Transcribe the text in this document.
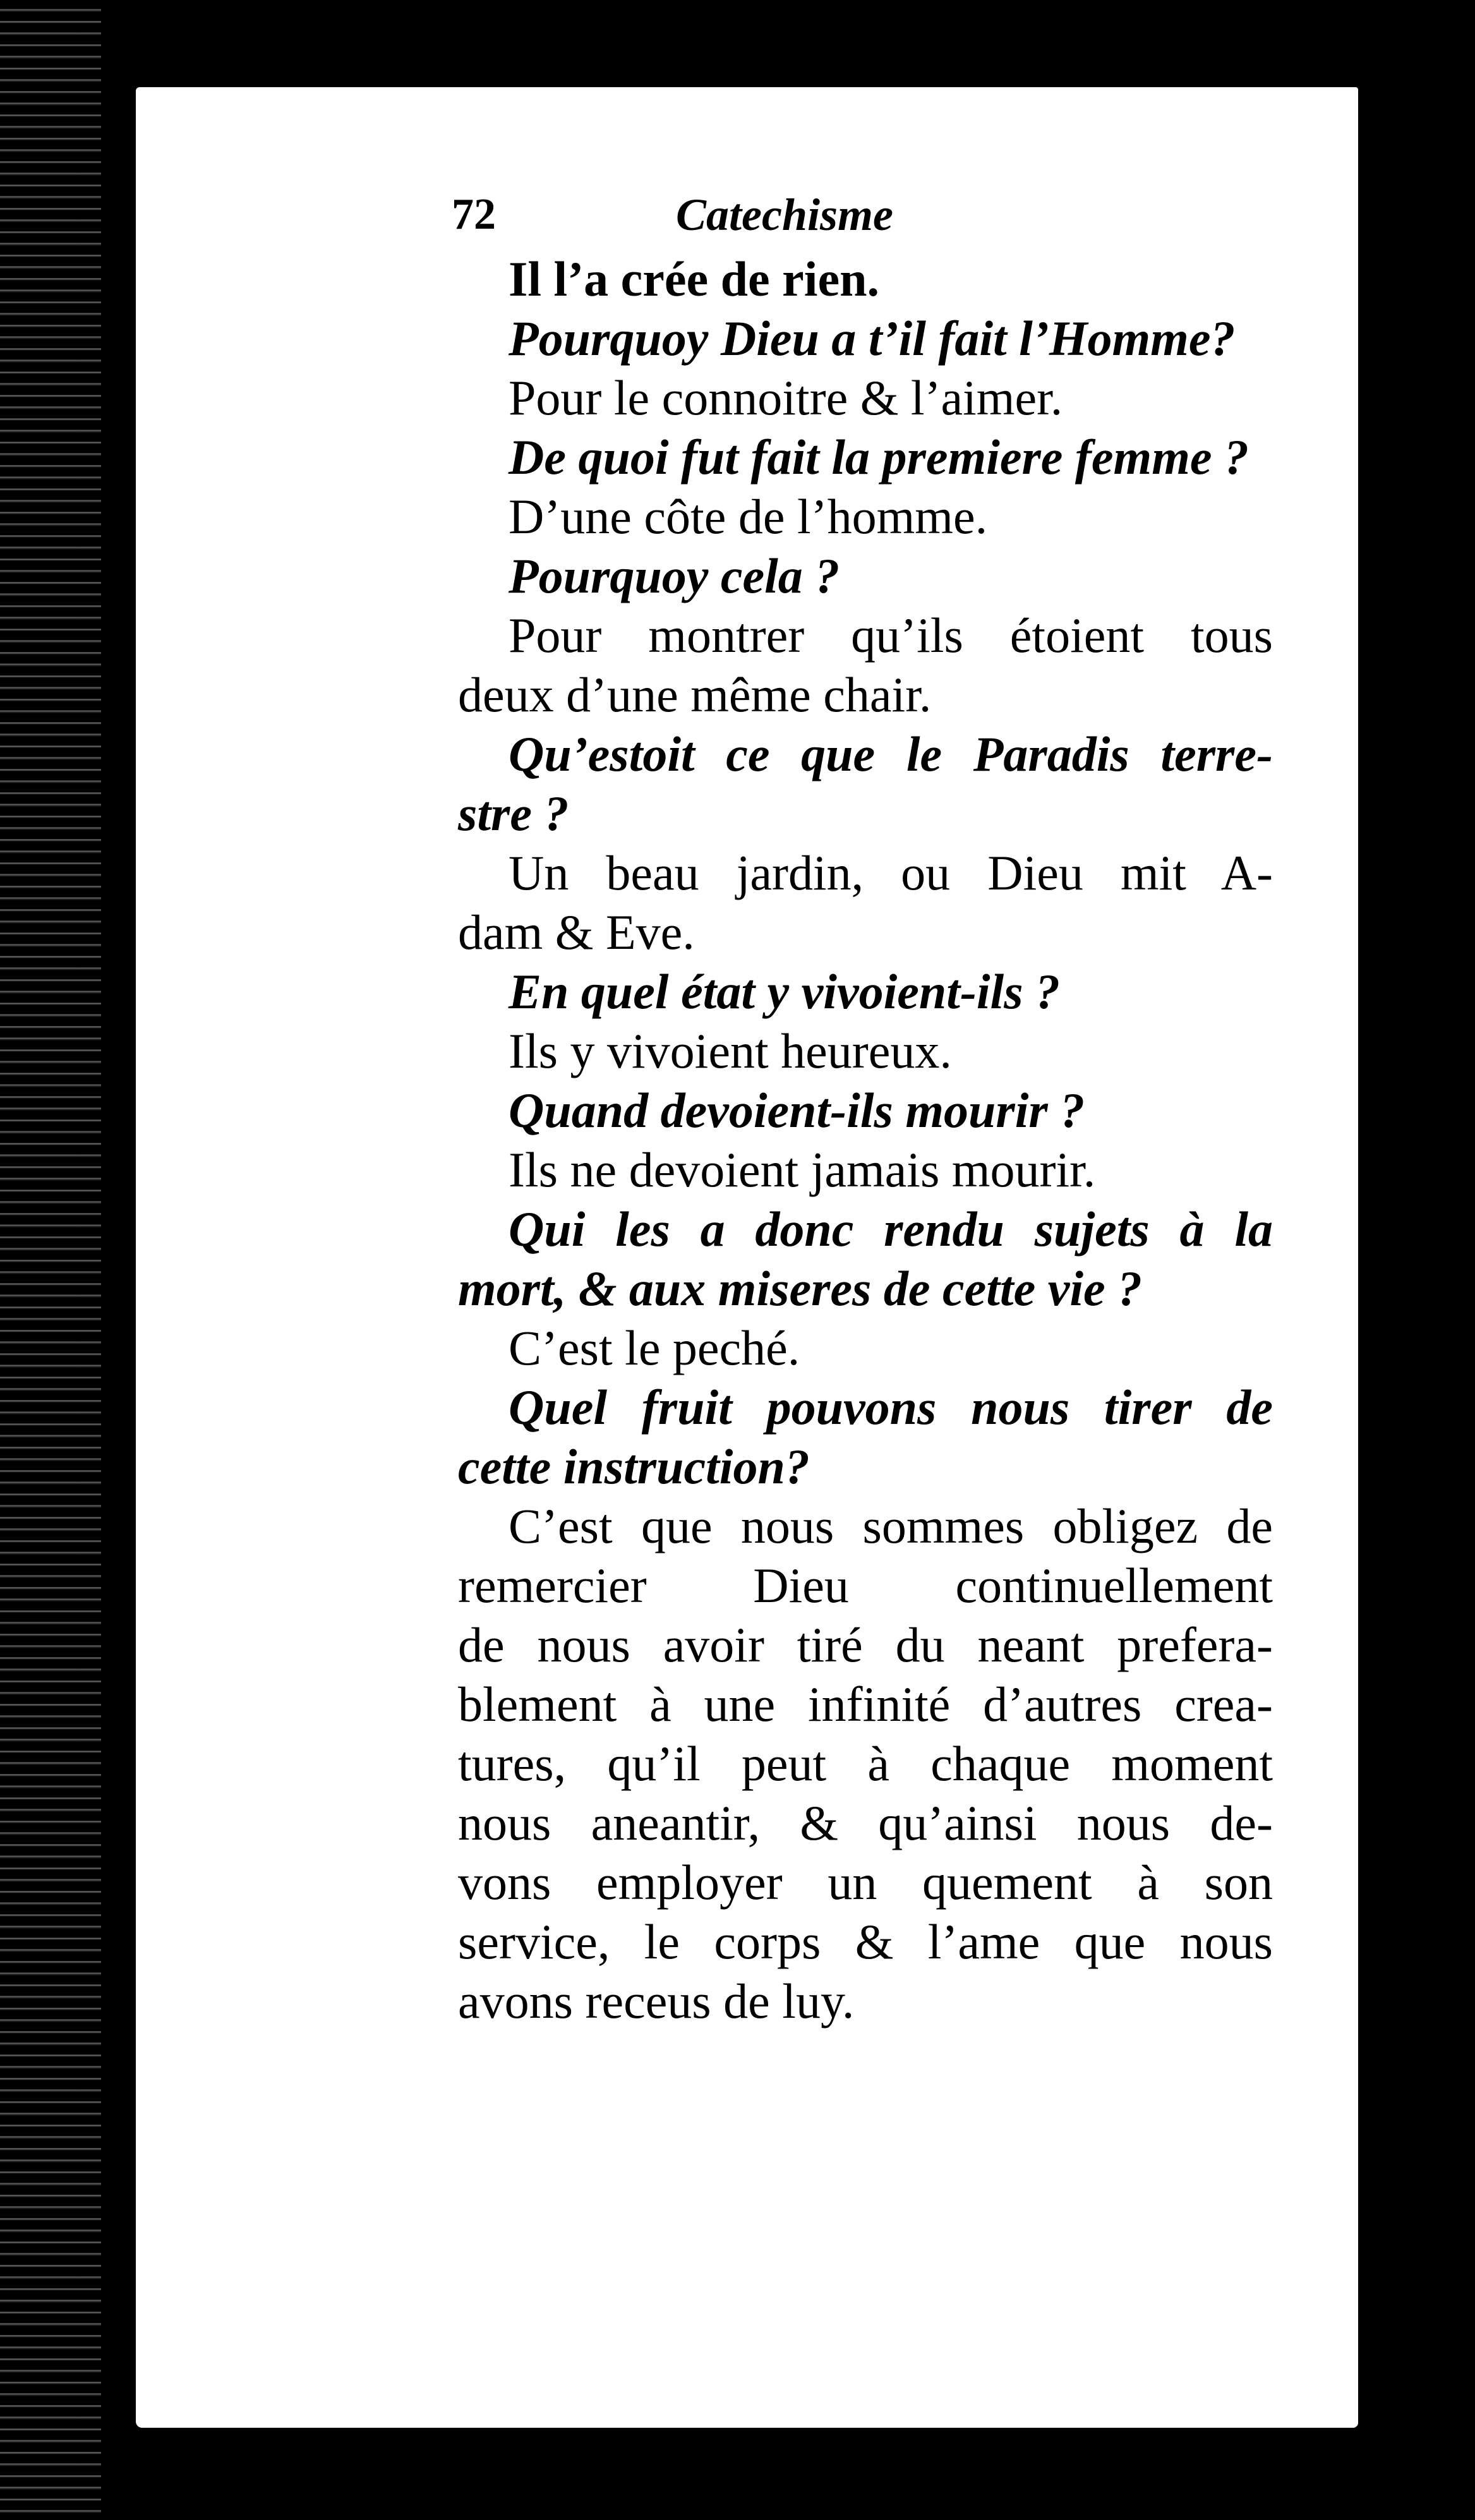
72	Catechisme
Il l’a crée de rien.
Pourquoy Dieu a t’il fait l’Homme?
Pour le connoitre & l’aimer.
De quoi fut fait la premiere femme ?
D’une côte de l’homme.
Pourquoy cela ?
Pour montrer qu’ils étoient tous
deux d’une même chair.
Qu’estoit ce que le Paradis terre-
stre ?
Un beau jardin, ou Dieu mit A-
dam & Eve.
En quel état y vivoient-ils ?
Ils y vivoient heureux.
Quand devoient-ils mourir ?
Ils ne devoient jamais mourir.
Qui les a donc rendu sujets à la
mort, & aux miseres de cette vie ?
C’est le peché.
Quel fruit pouvons nous tirer de
cette instruction?
C’est que nous sommes obligez de
remercier Dieu continuellement
de nous avoir tiré du neant prefera-
blement à une infinité d’autres crea-
tures, qu’il peut à chaque moment
nous aneantir, & qu’ainsi nous de-
vons employer un quement à son
service, le corps & l’ame que nous
avons receus de luy.
